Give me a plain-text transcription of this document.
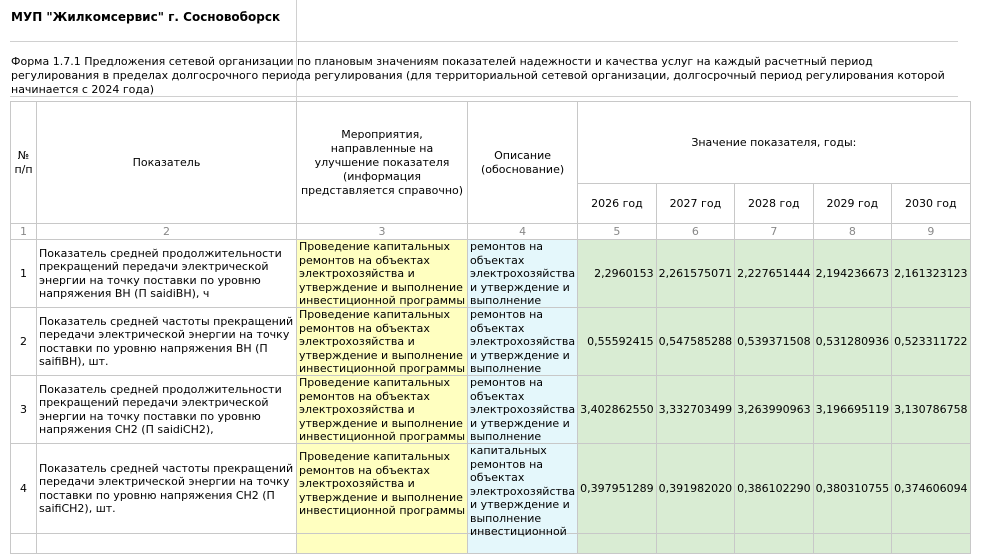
МУП "Жилкомсервис" г. Сосновоборск
Форма 1.7.1 Предложения сетевой организации по плановым значениям показателей надежности и качества услуг на каждый расчетный период регулирования в пределах долгосрочного периода регулирования (для территориальной сетевой организации, долгосрочный период регулирования которой начинается с 2024 года)
№ п/п	Показатель	Мероприятия, направленные на улучшение показателя (информация представляется справочно)	Описание (обоснование)	Значение показателя, годы:				
				2026 год	2027 год	2028 год	2029 год	2030 год
1	2	3	4	5	6	7	8	9
1	Показатель средней продолжительности прекращений передачи электрической энергии на точку поставки по уровню напряжения ВН (П saidiВН), ч	Проведение капитальных ремонтов на объектах электрохозяйства и утверждение и выполнение инвестиционной программы	ремонтов на объектах электрохозяйства и утверждение и выполнение	2,2960153	2,261575071	2,227651444	2,194236673	2,161323123
2	Показатель средней частоты прекращений передачи электрической энергии на точку поставки по уровню напряжения ВН (П saifiВН), шт.	Проведение капитальных ремонтов на объектах электрохозяйства и утверждение и выполнение инвестиционной программы	ремонтов на объектах электрохозяйства и утверждение и выполнение	0,55592415	0,547585288	0,539371508	0,531280936	0,523311722
3	Показатель средней продолжительности прекращений передачи электрической энергии на точку поставки по уровню напряжения СН2 (П saidiСН2),	Проведение капитальных ремонтов на объектах электрохозяйства и утверждение и выполнение инвестиционной программы	ремонтов на объектах электрохозяйства и утверждение и выполнение	3,402862550	3,332703499	3,263990963	3,196695119	3,130786758
4	Показатель средней частоты прекращений передачи электрической энергии на точку поставки по уровню напряжения СН2 (П saifiСН2), шт.	Проведение капитальных ремонтов на объектах электрохозяйства и утверждение и выполнение инвестиционной программы	капитальных ремонтов на объектах электрохозяйства и утверждение и выполнение инвестиционной	0,397951289	0,391982020	0,386102290	0,380310755	0,374606094
